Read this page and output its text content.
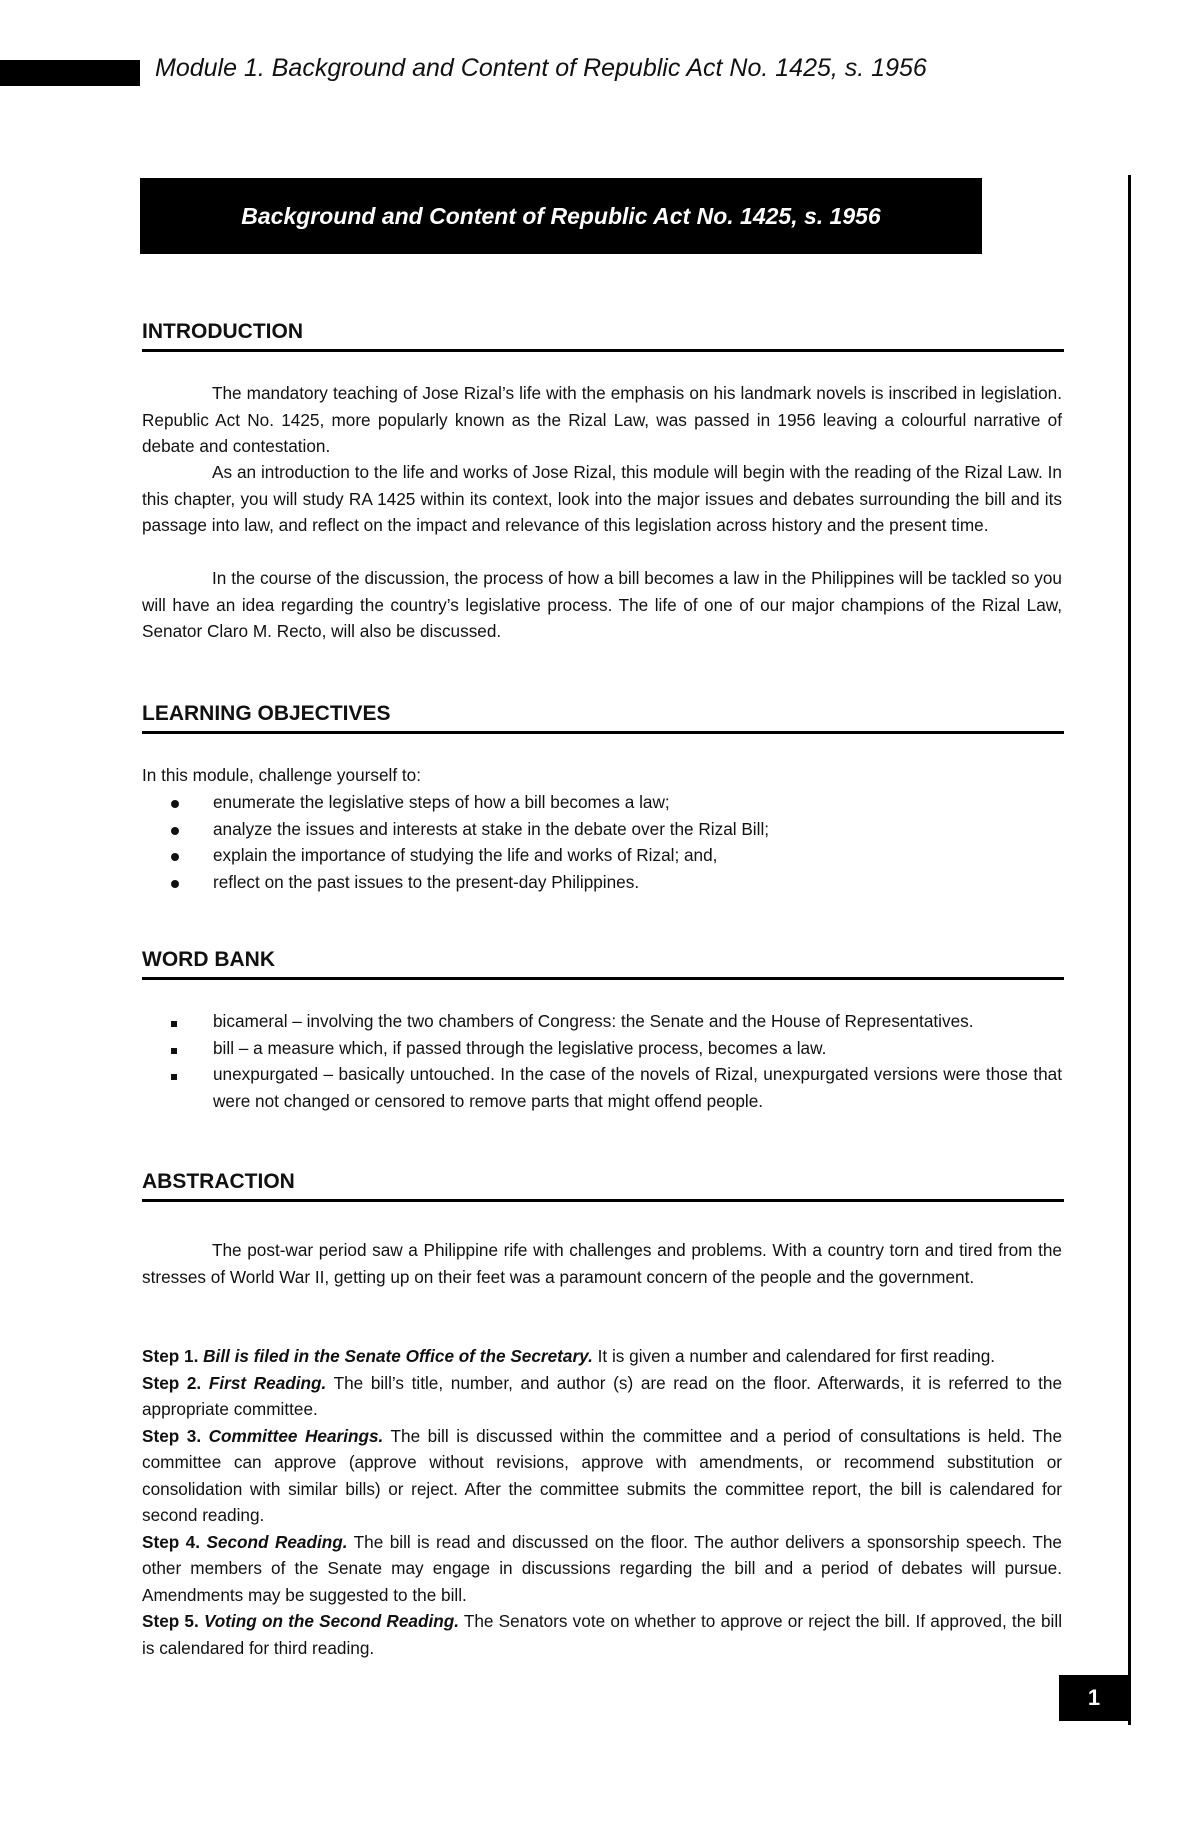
Module 1. Background and Content of Republic Act No. 1425, s. 1956
Background and Content of Republic Act No. 1425, s. 1956
INTRODUCTION

The mandatory teaching of Jose Rizal’s life with the emphasis on his landmark novels is inscribed in legislation. Republic Act No. 1425, more popularly known as the Rizal Law, was passed in 1956 leaving a colourful narrative of debate and contestation.

As an introduction to the life and works of Jose Rizal, this module will begin with the reading of the Rizal Law. In this chapter, you will study RA 1425 within its context, look into the major issues and debates surrounding the bill and its passage into law, and reflect on the impact and relevance of this legislation across history and the present time.

In the course of the discussion, the process of how a bill becomes a law in the Philippines will be tackled so you will have an idea regarding the country’s legislative process. The life of one of our major champions of the Rizal Law, Senator Claro M. Recto, will also be discussed.

LEARNING OBJECTIVES

In this module, challenge yourself to:

enumerate the legislative steps of how a bill becomes a law;
analyze the issues and interests at stake in the debate over the Rizal Bill;
explain the importance of studying the life and works of Rizal; and,
reflect on the past issues to the present-day Philippines.
WORD BANK
bicameral – involving the two chambers of Congress: the Senate and the House of Representatives.
bill – a measure which, if passed through the legislative process, becomes a law.
unexpurgated – basically untouched. In the case of the novels of Rizal, unexpurgated versions were those that were not changed or censored to remove parts that might offend people.
ABSTRACTION

The post-war period saw a Philippine rife with challenges and problems. With a country torn and tired from the stresses of World War II, getting up on their feet was a paramount concern of the people and the government.

Step 1. Bill is filed in the Senate Office of the Secretary. It is given a number and calendared for first reading.

Step 2. First Reading. The bill’s title, number, and author (s) are read on the floor. Afterwards, it is referred to the appropriate committee.

Step 3. Committee Hearings. The bill is discussed within the committee and a period of consultations is held. The committee can approve (approve without revisions, approve with amendments, or recommend substitution or consolidation with similar bills) or reject. After the committee submits the committee report, the bill is calendared for second reading.

Step 4. Second Reading. The bill is read and discussed on the floor. The author delivers a sponsorship speech. The other members of the Senate may engage in discussions regarding the bill and a period of debates will pursue. Amendments may be suggested to the bill.

Step 5. Voting on the Second Reading. The Senators vote on whether to approve or reject the bill. If approved, the bill is calendared for third reading.

1
